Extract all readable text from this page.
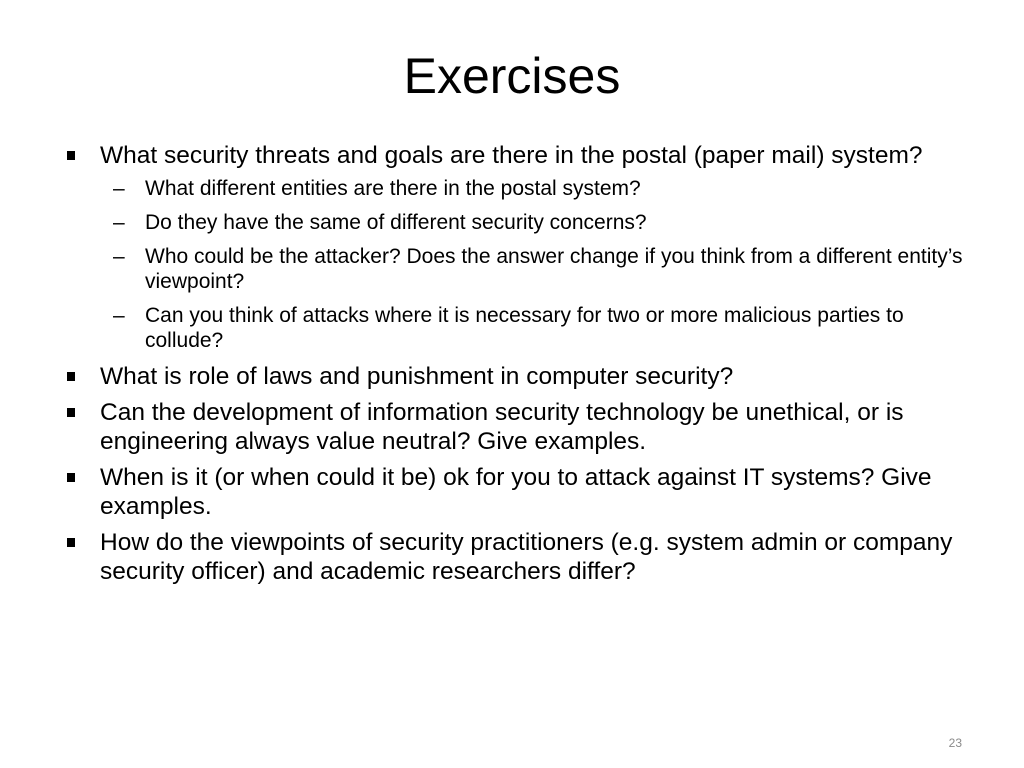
Exercises
What security threats and goals are there in the postal (paper mail) system?
– What different entities are there in the postal system?
– Do they have the same of different security concerns?
– Who could be the attacker? Does the answer change if you think from a different entity’s viewpoint?
– Can you think of attacks where it is necessary for two or more malicious parties to collude?
What is role of laws and punishment in computer security?
Can the development of information security technology be unethical, or is engineering always value neutral? Give examples.
When is it (or when could it be) ok for you to attack against IT systems? Give examples.
How do the viewpoints of security practitioners (e.g. system admin or company security officer) and academic researchers differ?
23
